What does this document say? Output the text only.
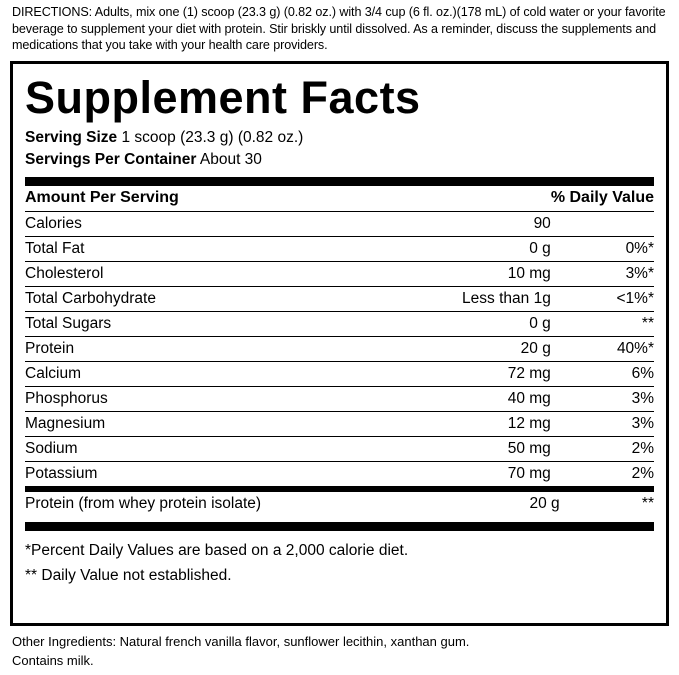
DIRECTIONS: Adults, mix one (1) scoop (23.3 g) (0.82 oz.) with 3/4 cup (6 fl. oz.)(178 mL) of cold water or your favorite beverage to supplement your diet with protein. Stir briskly until dissolved. As a reminder, discuss the supplements and medications that you take with your health care providers.
Supplement Facts
Serving Size 1 scoop (23.3 g) (0.82 oz.)
Servings Per Container About 30
Amount Per Serving		% Daily Value
Calories	90	
Total Fat	0 g	0%*
Cholesterol	10 mg	3%*
Total Carbohydrate	Less than 1g	<1%*
Total Sugars	0 g	**
Protein	20 g	40%*
Calcium	72 mg	6%
Phosphorus	40 mg	3%
Magnesium	12 mg	3%
Sodium	50 mg	2%
Potassium	70 mg	2%
Protein (from whey protein isolate)	20 g	**
*Percent Daily Values are based on a 2,000 calorie diet.
** Daily Value not established.
Other Ingredients: Natural french vanilla flavor, sunflower lecithin, xanthan gum.
Contains milk.
